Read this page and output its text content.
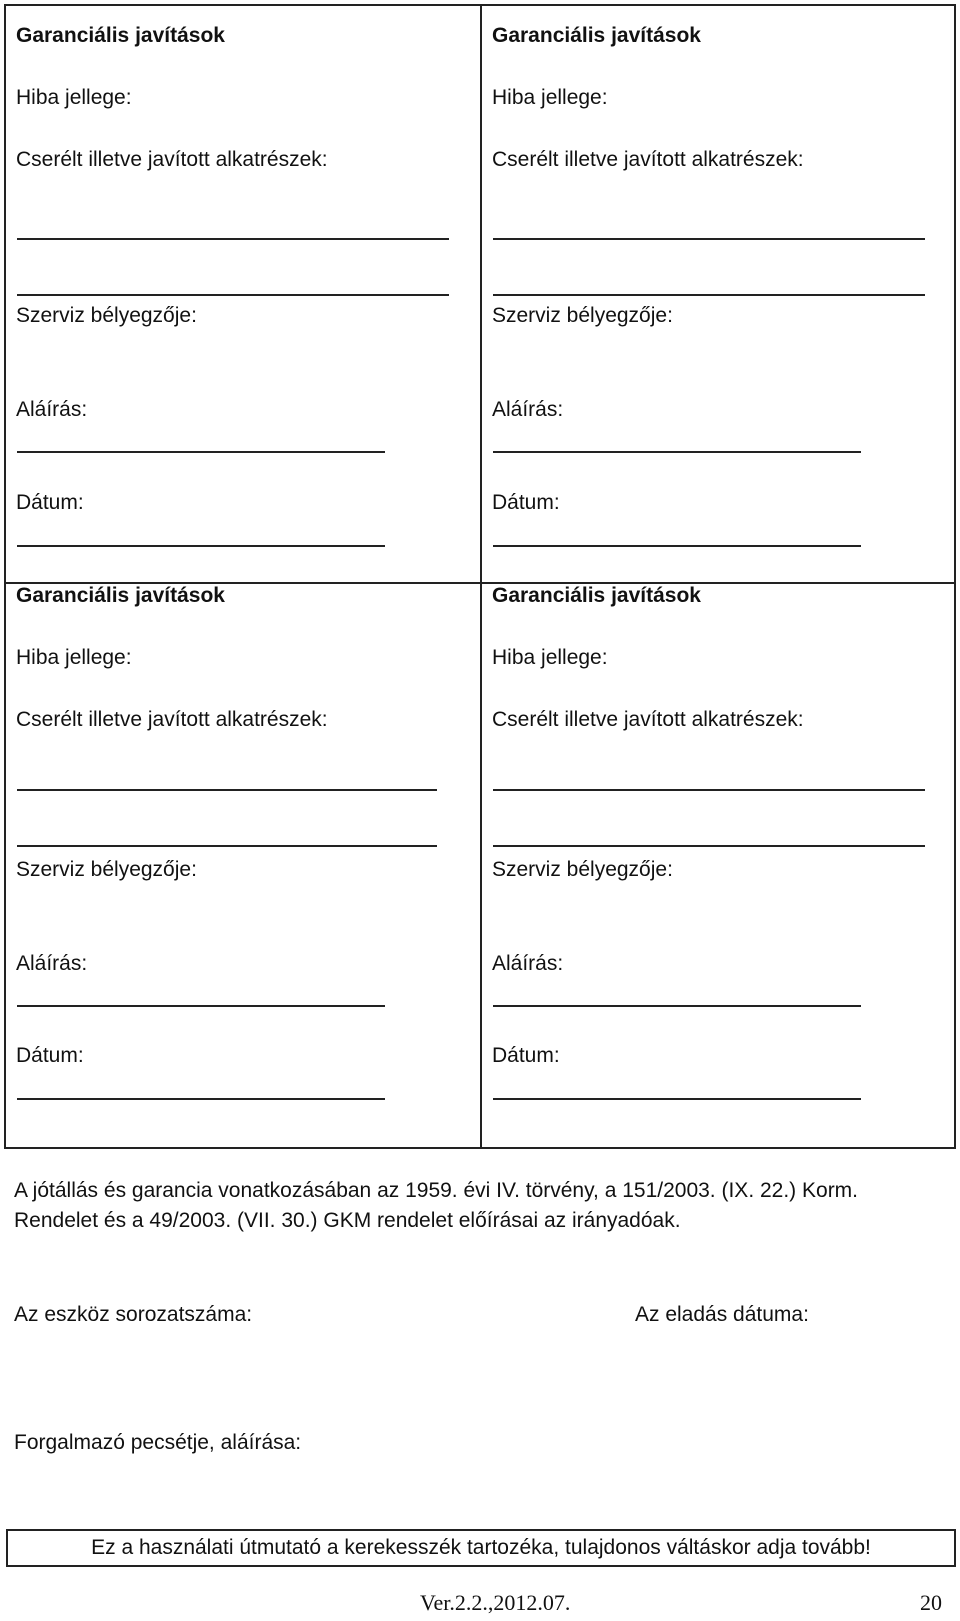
Garanciális javítások
Hiba jellege:
Cserélt illetve javított alkatrészek:
Szerviz bélyegzője:
Aláírás:
Dátum:
Garanciális javítások
Hiba jellege:
Cserélt illetve javított alkatrészek:
Szerviz bélyegzője:
Aláírás:
Dátum:
Garanciális javítások
Hiba jellege:
Cserélt illetve javított alkatrészek:
Szerviz bélyegzője:
Aláírás:
Dátum:
Garanciális javítások
Hiba jellege:
Cserélt illetve javított alkatrészek:
Szerviz bélyegzője:
Aláírás:
Dátum:
A jótállás és garancia vonatkozásában az 1959. évi IV. törvény, a 151/2003. (IX. 22.) Korm. Rendelet és a 49/2003. (VII. 30.) GKM rendelet előírásai az irányadóak.
Az eszköz sorozatszáma:	Az eladás dátuma:
Forgalmazó pecsétje, aláírása:
Ez a használati útmutató a kerekesszék tartozéka, tulajdonos váltáskor adja tovább!
Ver.2.2.,2012.07.	20
